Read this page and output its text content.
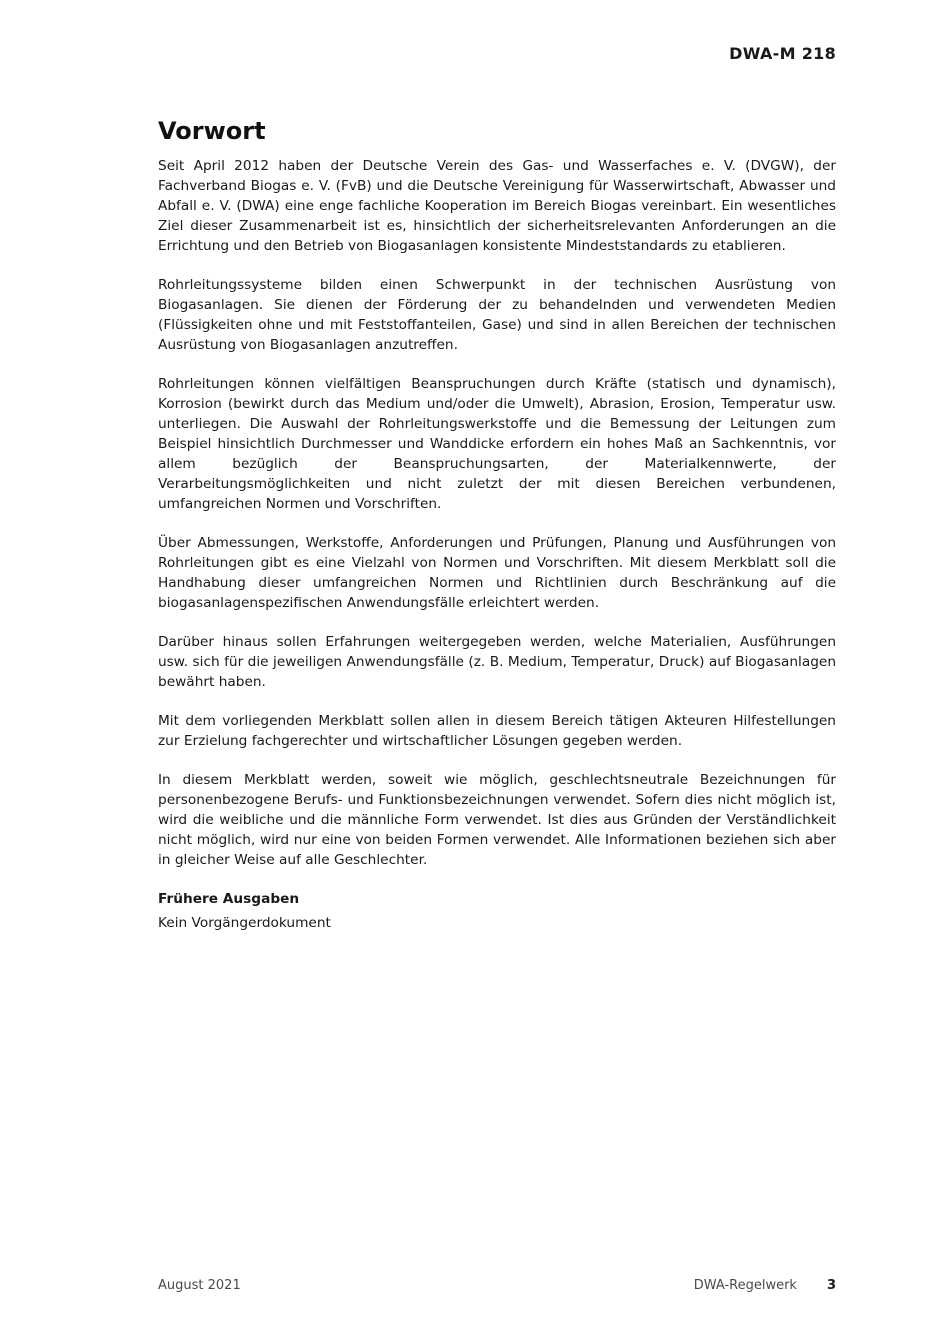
DWA-M 218
Vorwort

Seit April 2012 haben der Deutsche Verein des Gas- und Wasserfaches e. V. (DVGW), der Fachverband Biogas e. V. (FvB) und die Deutsche Vereinigung für Wasserwirtschaft, Abwasser und Abfall e. V. (DWA) eine enge fachliche Kooperation im Bereich Biogas vereinbart. Ein wesentliches Ziel dieser Zusammenarbeit ist es, hinsichtlich der sicherheitsrelevanten Anforderungen an die Errichtung und den Betrieb von Biogasanlagen konsistente Mindeststandards zu etablieren.

Rohrleitungssysteme bilden einen Schwerpunkt in der technischen Ausrüstung von Biogasanlagen. Sie dienen der Förderung der zu behandelnden und verwendeten Medien (Flüssigkeiten ohne und mit Feststoffanteilen, Gase) und sind in allen Bereichen der technischen Ausrüstung von Biogasanlagen anzutreffen.

Rohrleitungen können vielfältigen Beanspruchungen durch Kräfte (statisch und dynamisch), Korrosion (bewirkt durch das Medium und/oder die Umwelt), Abrasion, Erosion, Temperatur usw. unterliegen. Die Auswahl der Rohrleitungswerkstoffe und die Bemessung der Leitungen zum Beispiel hinsichtlich Durchmesser und Wanddicke erfordern ein hohes Maß an Sachkenntnis, vor allem bezüglich der Beanspruchungsarten, der Materialkennwerte, der Verarbeitungsmöglichkeiten und nicht zuletzt der mit diesen Bereichen verbundenen, umfangreichen Normen und Vorschriften.

Über Abmessungen, Werkstoffe, Anforderungen und Prüfungen, Planung und Ausführungen von Rohrleitungen gibt es eine Vielzahl von Normen und Vorschriften. Mit diesem Merkblatt soll die Handhabung dieser umfangreichen Normen und Richtlinien durch Beschränkung auf die biogasanlagenspezifischen Anwendungsfälle erleichtert werden.

Darüber hinaus sollen Erfahrungen weitergegeben werden, welche Materialien, Ausführungen usw. sich für die jeweiligen Anwendungsfälle (z. B. Medium, Temperatur, Druck) auf Biogasanlagen bewährt haben.

Mit dem vorliegenden Merkblatt sollen allen in diesem Bereich tätigen Akteuren Hilfestellungen zur Erzielung fachgerechter und wirtschaftlicher Lösungen gegeben werden.

In diesem Merkblatt werden, soweit wie möglich, geschlechtsneutrale Bezeichnungen für personenbezogene Berufs- und Funktionsbezeichnungen verwendet. Sofern dies nicht möglich ist, wird die weibliche und die männliche Form verwendet. Ist dies aus Gründen der Verständlichkeit nicht möglich, wird nur eine von beiden Formen verwendet. Alle Informationen beziehen sich aber in gleicher Weise auf alle Geschlechter.

Frühere Ausgaben

Kein Vorgängerdokument

August 2021	DWA-Regelwerk 3
